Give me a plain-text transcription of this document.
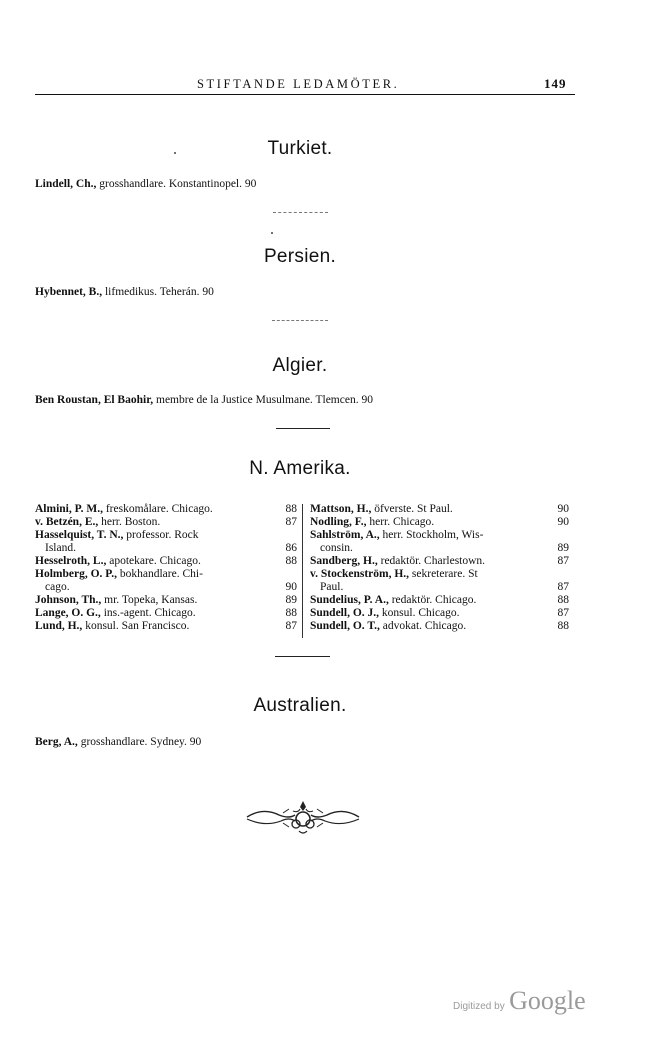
STIFTANDE LEDAMÖTER.	149
Turkiet.
Lindell, Ch., grosshandlare. Konstantinopel. 90
Persien.
Hybennet, B., lifmedikus. Teherán. 90
Algier.
Ben Roustan, El Baohir, membre de la Justice Musulmane. Tlemcen. 90
N. Amerika.
Almini, P. M., freskomålare. Chicago.	88
v. Betzén, E., herr. Boston.	87
Hasselquist, T. N., professor. Rock
Island.	86
Hesselroth, L., apotekare. Chicago.	88
Holmberg, O. P., bokhandlare. Chi-
cago.	90
Johnson, Th., mr. Topeka, Kansas.	89
Lange, O. G., ins.-agent. Chicago.	88
Lund, H., konsul. San Francisco.	87
Mattson, H., öfverste. St Paul.	90
Nodling, F., herr. Chicago.	90
Sahlström, A., herr. Stockholm, Wis-
consin.	89
Sandberg, H., redaktör. Charlestown.	87
v. Stockenström, H., sekreterare. St
Paul.	87
Sundelius, P. A., redaktör. Chicago.	88
Sundell, O. J., konsul. Chicago.	87
Sundell, O. T., advokat. Chicago.	88
Australien.
Berg, A., grosshandlare. Sydney. 90
Digitized by Google
